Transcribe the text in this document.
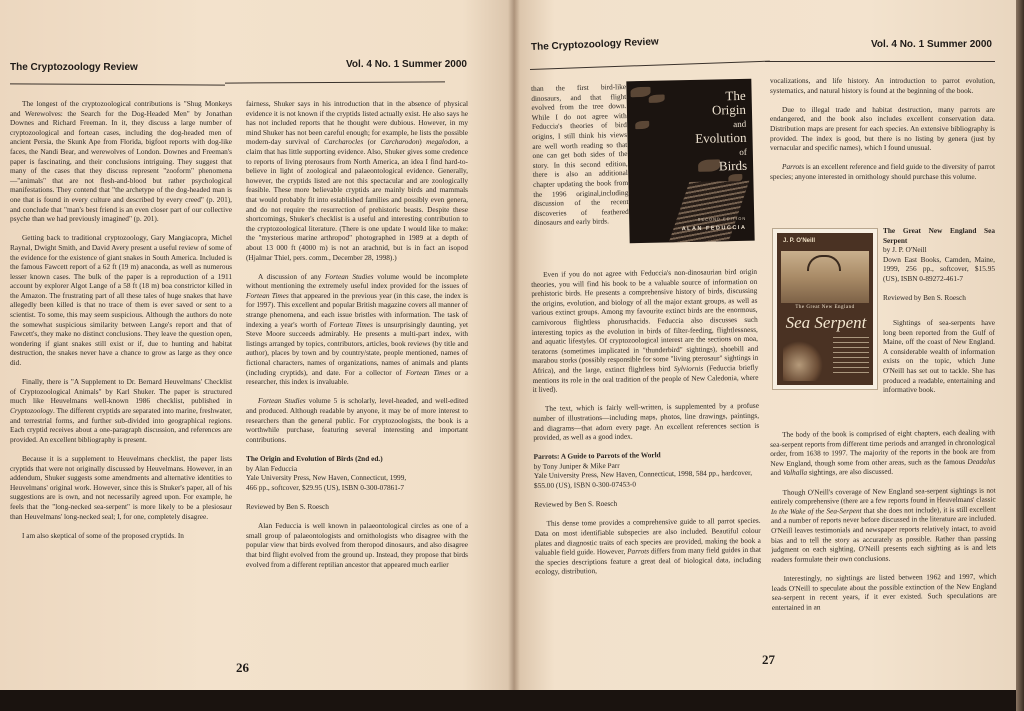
The Cryptozoology Review	Vol. 4 No. 1 Summer 2000

The longest of the cryptozoological contributions is "Shug Monkeys and Werewolves: the Search for the Dog-Headed Men" by Jonathan Downes and Richard Freeman. In it, they discuss a large number of cryptozoological and fortean cases, including the dog-headed men of ancient Persia, the Skunk Ape from Florida, bigfoot reports with dog-like faces, the Nandi Bear, and werewolves of London. Downes and Freeman's paper is fascinating, and their conclusions intriguing. They suggest that many of the cases that they discuss represent "zooform" phenomena—"animals" that are not flesh-and-blood but rather psychological manifestations. They contend that "the archetype of the dog-headed man is one that is found in every culture and described by every creed" (p. 201), and conclude that "man's best friend is an even closer part of our collective psyche than we had previously imagined" (p. 201).

Getting back to traditional cryptozoology, Gary Mangiacopra, Michel Raynal, Dwight Smith, and David Avery present a useful review of some of the evidence for the existence of giant snakes in South America. Included is the famous Fawcett report of a 62 ft (19 m) anaconda, as well as numerous lesser known cases. The bulk of the paper is a reproduction of a 1911 account by explorer Algot Lange of a 58 ft (18 m) boa constrictor killed in the Amazon. The frustrating part of all these tales of huge snakes that have allegedly been killed is that no trace of them is ever saved or sent to a scientist. To some, this may seem suspicious. Although the authors do note the somewhat suspicious similarity between Lange's report and that of Fawcett's, they make no distinct conclusions. They leave the question open, wondering if giant snakes still exist or if, due to hunting and habitat destruction, the snakes never have a chance to grow as large as they once did.

Finally, there is "A Supplement to Dr. Bernard Heuvelmans' Checklist of Cryptozoological Animals" by Karl Shuker. The paper is structured much like Heuvelmans well-known 1986 checklist, published in Cryptozoology. The different cryptids are separated into marine, freshwater, and terrestrial forms, and further sub-divided into geographical regions. Each cryptid receives about a one-paragraph discussion, and references are provided. An excellent bibliography is present.

Because it is a supplement to Heuvelmans checklist, the paper lists cryptids that were not originally discussed by Heuvelmans. However, in an addendum, Shuker suggests some amendments and alternative identities to Heuvelmans' original work. However, since this is Shuker's paper, all of his suggestions are is own, and not necessarily agreed upon. For example, he feels that the "long-necked sea-serpent" is more likely to be a plesiosaur than Heuvelmans' long-necked seal; I, for one, completely disagree.

I am also skeptical of some of the proposed cryptids. In

fairness, Shuker says in his introduction that in the absence of physical evidence it is not known if the cryptids listed actually exist. He also says he has not included reports that he thought were dubious. However, in my mind Shuker has not been careful enough; for example, he lists the possible modern-day survival of Carcharocles (or Carcharodon) megalodon, a claim that has little supporting evidence. Also, Shuker gives some credence to reports of living pterosaurs from North America, an idea I find hard-to-believe in light of zoological and palaeontological evidence. Generally, however, the cryptids listed are not this spectacular and are zoologically feasible. These more believable cryptids are mainly birds and mammals that would probably fit into established families and possibly even genera, and do not require the resurrection of prehistoric beasts. Despite these shortcomings, Shuker's checklist is a useful and interesting contribution to the cryptozoological literature. (There is one update I would like to make: the "mysterious marine arthropod" photographed in 1989 at a depth of about 13 000 ft (4000 m) is not an arachnid, but is in fact an isopod (Hjalmar Thiel, pers. comm., December 28, 1998).)

A discussion of any Fortean Studies volume would be incomplete without mentioning the extremely useful index provided for the issues of Fortean Times that appeared in the previous year (in this case, the index is for 1997). This excellent and popular British magazine covers all manner of strange phenomena, and each issue bristles with information. The task of indexing a year's worth of Fortean Times is unsurprisingly daunting, yet Steve Moore succeeds admirably. He presents a multi-part index, with listings arranged by topics, contributors, articles, book reviews (by title and author), places by town and by country/state, people mentioned, names of fictional characters, names of organizations, names of animals and plants (including cryptids), and date. For a collector of Fortean Times or a researcher, this index is invaluable.

Fortean Studies volume 5 is scholarly, level-headed, and well-edited and produced. Although readable by anyone, it may be of more interest to researchers than the general public. For cryptozoologists, the book is a worthwhile purchase, featuring several interesting and important contributions.

The Origin and Evolution of Birds (2nd ed.)
by Alan Feduccia
Yale University Press, New Haven, Connecticut, 1999,
466 pp., softcover, $29.95 (US), ISBN 0-300-07861-7
Reviewed by Ben S. Roesch

Alan Feduccia is well known in palaeontological circles as one of a small group of palaeontologists and ornithologists who disagree with the popular view that birds evolved from theropod dinosaurs, and also disagree that bird flight evolved from the ground up. Instead, they propose that birds evolved from a different reptilian ancestor that appeared much earlier

26
The Cryptozoology Review	Vol. 4 No. 1 Summer 2000
The
Origin
and
Evolution
of
Birds
SECOND EDITION
ALAN FEDUCCIA

than the first bird-like dinosaurs, and that flight evolved from the tree down. While I do not agree with Feduccia's theories of bird origins, I still think his views are well worth reading so that one can get both sides of the story. In this second edition, there is also an additional chapter updating the book from the 1996 original,including discussion of the recent discoveries of feathered dinosaurs and early birds.

Even if you do not agree with Feduccia's non-dinosaurian bird origin theories, you will find his book to be a valuable source of information on prehistoric birds. He presents a comprehensive history of birds, discussing the origins, evolution, and biology of all the major extant groups, as well as various extinct groups. Among my favourite extinct birds are the enormous, carnivorous flightless phorusrhacids. Feduccia also discusses such interesting topics as the evolution in birds of filter-feeding, flightlessness, and aquatic lifestyles. Of cryptozoological interest are the sections on moa, teratorns (sometimes implicated in "thunderbird" sightings), shoebill and marabou storks (possibly responsible for some "living pterosaur" sightings in Africa), and the large, extinct flightless bird Sylviornis (Feduccia briefly mentions its role in the oral tradition of the people of New Caledonia, where it lived).

The text, which is fairly well-written, is supplemented by a profuse number of illustrations—including maps, photos, line drawings, paintings, and diagrams—that adorn every page. An excellent references section is provided, as well as a good index.

Parrots: A Guide to Parrots of the World
by Tony Juniper & Mike Parr
Yale University Press, New Haven, Connecticut, 1998, 584 pp., hardcover, $55.00 (US), ISBN 0-300-07453-0
Reviewed by Ben S. Roesch

This dense tome provides a comprehensive guide to all parrot species. Data on most identifiable subspecies are also included. Beautiful colour plates and diagnostic traits of each species are provided, making the book a valuable field guide. However, Parrots differs from many field guides in that the species descriptions feature a great deal of biological data, including ecology, distribution,

vocalizations, and life history. An introduction to parrot evolution, systematics, and natural history is found at the beginning of the book.

Due to illegal trade and habitat destruction, many parrots are endangered, and the book also includes excellent conservation data. Distribution maps are present for each species. An extensive bibliography is provided. The index is good, but there is no listing by genera (just by vernacular and specific names), which I found unusual.

Parrots is an excellent reference and field guide to the diversity of parrot species; anyone interested in ornithology should purchase this volume.

J. P. O'Neill
The Great New England
Sea Serpent
The Great New England Sea Serpent
by J. P. O'Neill
Down East Books, Camden, Maine, 1999, 256 pp., softcover, $15.95 (US), ISBN 0-89272-461-7
Reviewed by Ben S. Roesch

Sightings of sea-serpents have long been reported from the Gulf of Maine, off the coast of New England. A considerable wealth of information exists on the topic, which June O'Neill has set out to tackle. She has produced a readable, entertaining and informative book.

The body of the book is comprised of eight chapters, each dealing with sea-serpent reports from different time periods and arranged in chronological order, from 1638 to 1997. The majority of the reports in the book are from New England, though some from other areas, such as the famous Deadalus and Valhalla sightings, are also discussed.

Though O'Neill's coverage of New England sea-serpent sightings is not entirely comprehensive (there are a few reports found in Heuvelmans' classic In the Wake of the Sea-Serpent that she does not include), it is still excellent and a number of reports never before discussed in the literature are included. O'Neill leaves testimonials and newspaper reports relatively intact, to avoid bias and to tell the story as accurately as possible. Rather than passing judgment on each sighting, O'Neill presents each sighting as is and lets readers formulate their own conclusions.

Interestingly, no sightings are listed between 1962 and 1997, which leads O'Neill to speculate about the possible extinction of the New England sea-serpent in recent years, if it ever existed. Such speculations are entertained in an

27
